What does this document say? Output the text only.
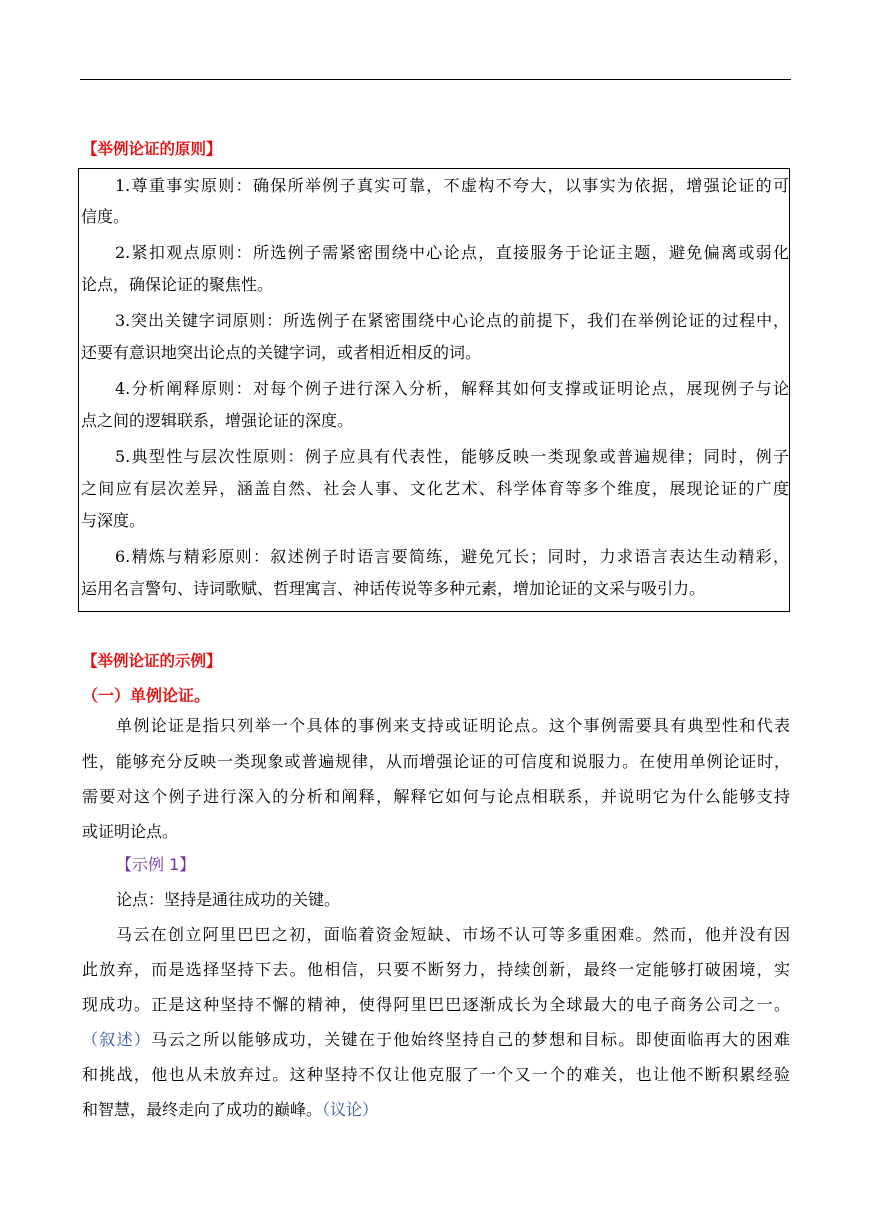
【举例论证的原则】
1.尊重事实原则：确保所举例子真实可靠，不虚构不夸大，以事实为依据，增强论证的可
信度。
2.紧扣观点原则：所选例子需紧密围绕中心论点，直接服务于论证主题，避免偏离或弱化
论点，确保论证的聚焦性。
3.突出关键字词原则：所选例子在紧密围绕中心论点的前提下，我们在举例论证的过程中，
还要有意识地突出论点的关键字词，或者相近相反的词。
4.分析阐释原则：对每个例子进行深入分析，解释其如何支撑或证明论点，展现例子与论
点之间的逻辑联系，增强论证的深度。
5.典型性与层次性原则：例子应具有代表性，能够反映一类现象或普遍规律；同时，例子
之间应有层次差异，涵盖自然、社会人事、文化艺术、科学体育等多个维度，展现论证的广度
与深度。
6.精炼与精彩原则：叙述例子时语言要简练，避免冗长；同时，力求语言表达生动精彩，
运用名言警句、诗词歌赋、哲理寓言、神话传说等多种元素，增加论证的文采与吸引力。
【举例论证的示例】
（一）单例论证。
单例论证是指只列举一个具体的事例来支持或证明论点。这个事例需要具有典型性和代表
性，能够充分反映一类现象或普遍规律，从而增强论证的可信度和说服力。在使用单例论证时，
需要对这个例子进行深入的分析和阐释，解释它如何与论点相联系，并说明它为什么能够支持
或证明论点。
【示例 1】
论点：坚持是通往成功的关键。
马云在创立阿里巴巴之初，面临着资金短缺、市场不认可等多重困难。然而，他并没有因
此放弃，而是选择坚持下去。他相信，只要不断努力，持续创新，最终一定能够打破困境，实
现成功。正是这种坚持不懈的精神，使得阿里巴巴逐渐成长为全球最大的电子商务公司之一。
（叙述）马云之所以能够成功，关键在于他始终坚持自己的梦想和目标。即使面临再大的困难
和挑战，他也从未放弃过。这种坚持不仅让他克服了一个又一个的难关，也让他不断积累经验
和智慧，最终走向了成功的巅峰。（议论）
